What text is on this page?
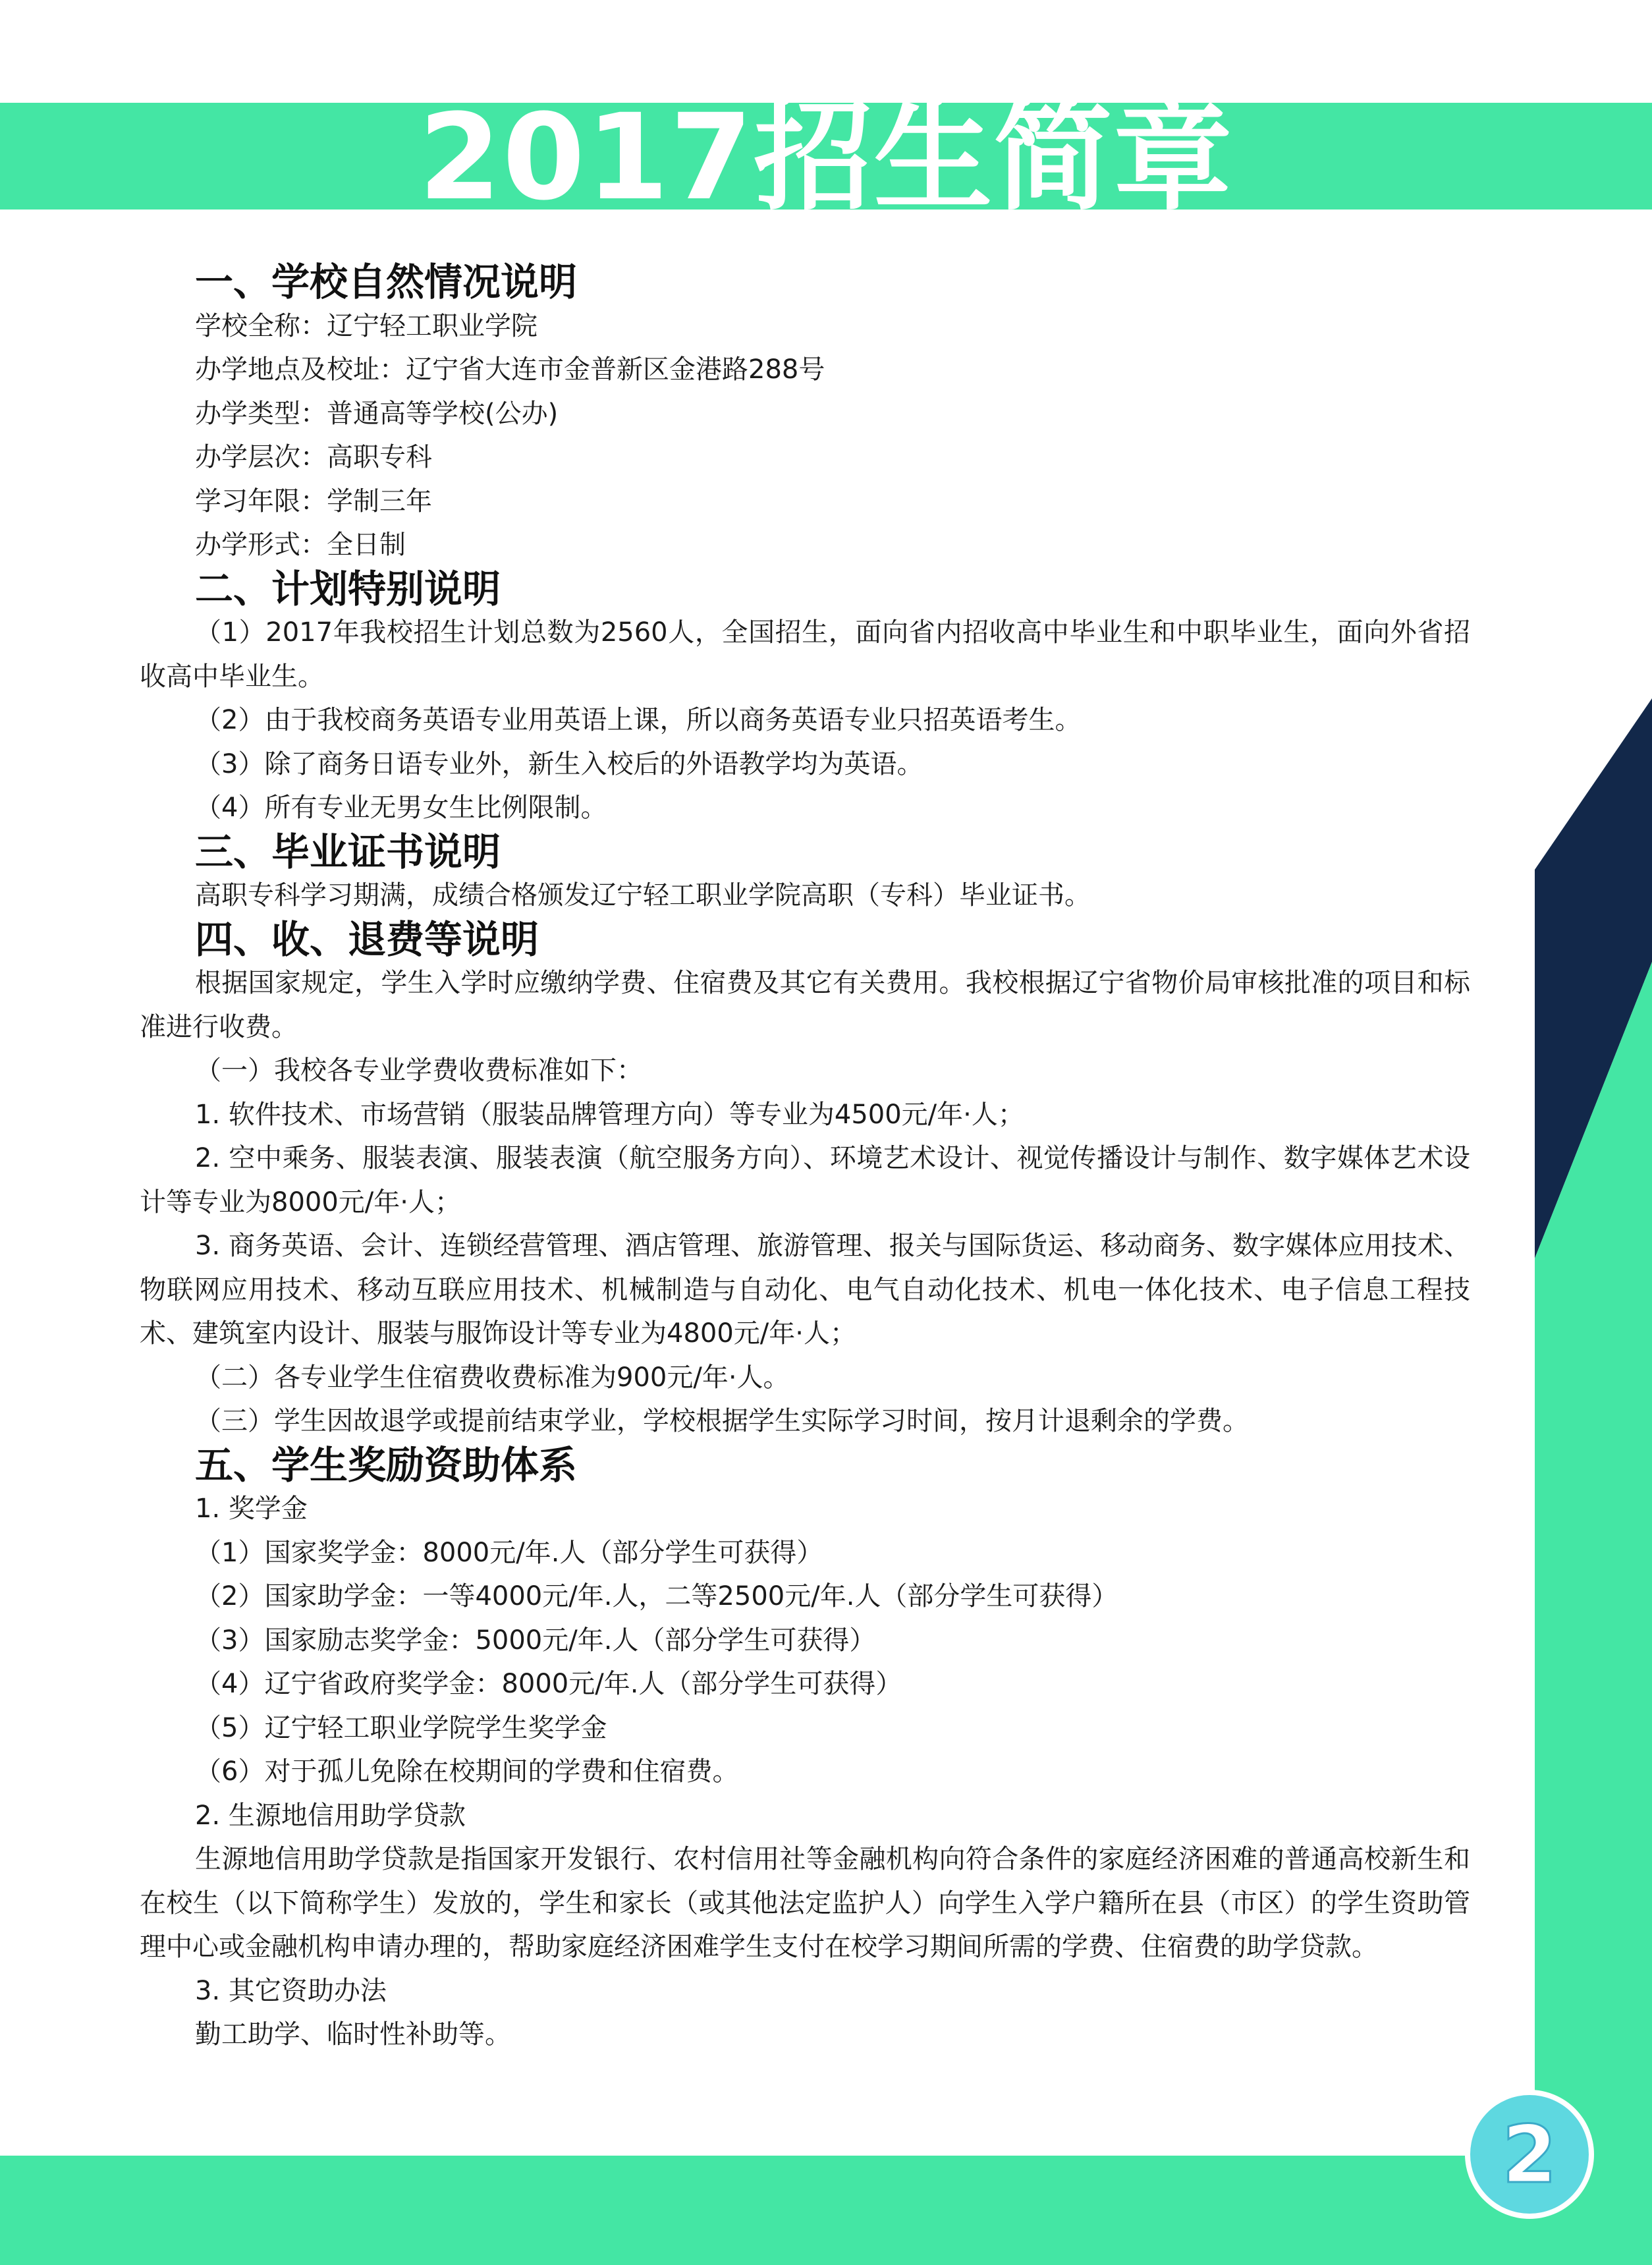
2017招生简章
2
一、学校自然情况说明

学校全称：辽宁轻工职业学院

办学地点及校址：辽宁省大连市金普新区金港路288号

办学类型：普通高等学校(公办)

办学层次：高职专科

学习年限：学制三年

办学形式：全日制

二、计划特别说明

（1）2017年我校招生计划总数为2560人，全国招生，面向省内招收高中毕业生和中职毕业生，面向外省招收高中毕业生。

（2）由于我校商务英语专业用英语上课，所以商务英语专业只招英语考生。

（3）除了商务日语专业外，新生入校后的外语教学均为英语。

（4）所有专业无男女生比例限制。

三、毕业证书说明

高职专科学习期满，成绩合格颁发辽宁轻工职业学院高职（专科）毕业证书。

四、收、退费等说明

根据国家规定，学生入学时应缴纳学费、住宿费及其它有关费用。我校根据辽宁省物价局审核批准的项目和标准进行收费。

（一）我校各专业学费收费标准如下：

1. 软件技术、市场营销（服装品牌管理方向）等专业为4500元/年·人；

2. 空中乘务、服装表演、服装表演（航空服务方向）、环境艺术设计、视觉传播设计与制作、数字媒体艺术设计等专业为8000元/年·人；

3. 商务英语、会计、连锁经营管理、酒店管理、旅游管理、报关与国际货运、移动商务、数字媒体应用技术、物联网应用技术、移动互联应用技术、机械制造与自动化、电气自动化技术、机电一体化技术、电子信息工程技术、建筑室内设计、服装与服饰设计等专业为4800元/年·人；

（二）各专业学生住宿费收费标准为900元/年·人。

（三）学生因故退学或提前结束学业，学校根据学生实际学习时间，按月计退剩余的学费。

五、学生奖励资助体系

1. 奖学金

（1）国家奖学金：8000元/年.人（部分学生可获得）

（2）国家助学金：一等4000元/年.人，二等2500元/年.人（部分学生可获得）

（3）国家励志奖学金：5000元/年.人（部分学生可获得）

（4）辽宁省政府奖学金：8000元/年.人（部分学生可获得）

（5）辽宁轻工职业学院学生奖学金

（6）对于孤儿免除在校期间的学费和住宿费。

2. 生源地信用助学贷款

生源地信用助学贷款是指国家开发银行、农村信用社等金融机构向符合条件的家庭经济困难的普通高校新生和在校生（以下简称学生）发放的，学生和家长（或其他法定监护人）向学生入学户籍所在县（市区）的学生资助管理中心或金融机构申请办理的，帮助家庭经济困难学生支付在校学习期间所需的学费、住宿费的助学贷款。

3. 其它资助办法

勤工助学、临时性补助等。
